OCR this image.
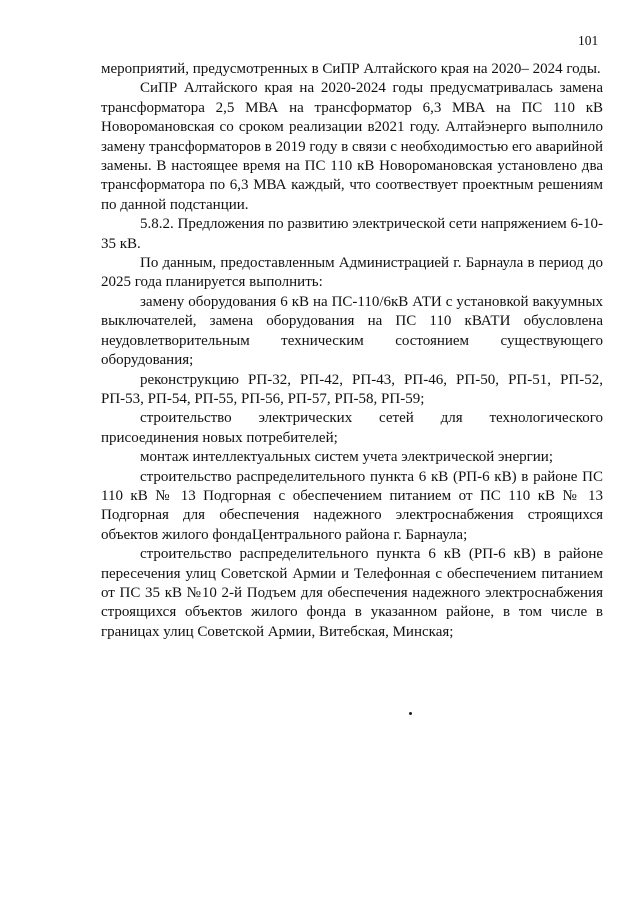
101

мероприятий, предусмотренных в СиПР Алтайского края на 2020– 2024 годы.

СиПР Алтайского края на 2020-2024 годы предусматривалась замена трансформатора 2,5 МВА на трансформатор 6,3 МВА на ПС 110 кВ Новоромановская со сроком реализации в2021 году. Алтайэнерго выполнило замену трансформаторов в 2019 году в связи с необходимостью его аварийной замены. В настоящее время на ПС 110 кВ Новоромановская установлено два трансформатора по 6,3 МВА каждый, что соотвествует проектным решениям по данной подстанции.

5.8.2. Предложения по развитию электрической сети напряжением 6-10-35 кВ.

По данным, предоставленным Администрацией г. Барнаула в период до 2025 года планируется выполнить:

замену оборудования 6 кВ на ПС-110/6кВ АТИ с установкой вакуумных выключателей, замена оборудования на ПС 110 кВАТИ обусловлена неудовлетворительным техническим состоянием существующего оборудования;

реконструкцию РП-32, РП-42, РП-43, РП-46, РП-50, РП-51, РП-52, РП-53, РП-54, РП-55, РП-56, РП-57, РП-58, РП-59;

строительство электрических сетей для технологического присоединения новых потребителей;

монтаж интеллектуальных систем учета электрической энергии;

строительство распределительного пункта 6 кВ (РП-6 кВ) в районе ПС 110 кВ № 13 Подгорная с обеспечением питанием от ПС 110 кВ № 13 Подгорная для обеспечения надежного электроснабжения строящихся объектов жилого фондаЦентрального района г. Барнаула;

строительство распределительного пункта 6 кВ (РП-6 кВ) в районе пересечения улиц Советской Армии и Телефонная с обеспечением питанием от ПС 35 кВ №10 2-й Подъем для обеспечения надежного электроснабжения строящихся объектов жилого фонда в указанном районе, в том числе в границах улиц Советской Армии, Витебская, Минская;
